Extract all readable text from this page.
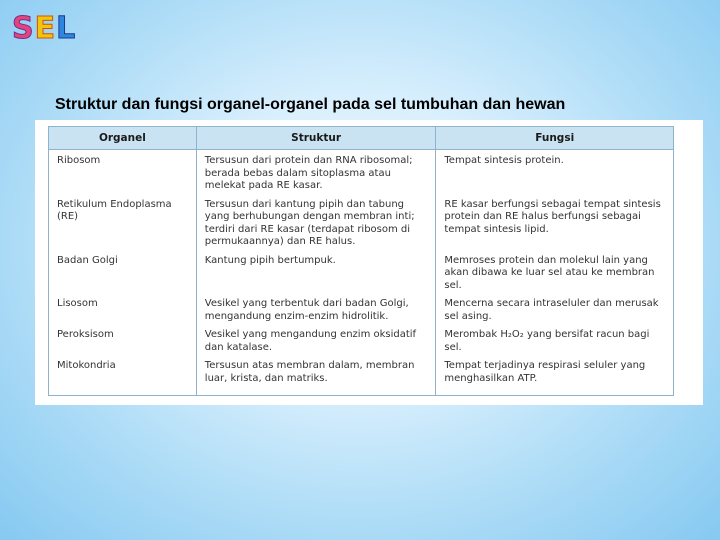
SEL
Struktur dan fungsi organel-organel pada sel tumbuhan dan hewan
Organel	Struktur	Fungsi
Ribosom	Tersusun dari protein dan RNA ribosomal; berada bebas dalam sitoplasma atau melekat pada RE kasar.	Tempat sintesis protein.
Retikulum Endoplasma (RE)	Tersusun dari kantung pipih dan tabung yang berhubungan dengan membran inti; terdiri dari RE kasar (terdapat ribosom di permukaannya) dan RE halus.	RE kasar berfungsi sebagai tempat sintesis protein dan RE halus berfungsi sebagai tempat sintesis lipid.
Badan Golgi	Kantung pipih bertumpuk.	Memroses protein dan molekul lain yang akan dibawa ke luar sel atau ke membran sel.
Lisosom	Vesikel yang terbentuk dari badan Golgi, mengandung enzim-enzim hidrolitik.	Mencerna secara intraseluler dan merusak sel asing.
Peroksisom	Vesikel yang mengandung enzim oksidatif dan katalase.	Merombak H₂O₂ yang bersifat racun bagi sel.
Mitokondria	Tersusun atas membran dalam, membran luar, krista, dan matriks.	Tempat terjadinya respirasi seluler yang menghasilkan ATP.
